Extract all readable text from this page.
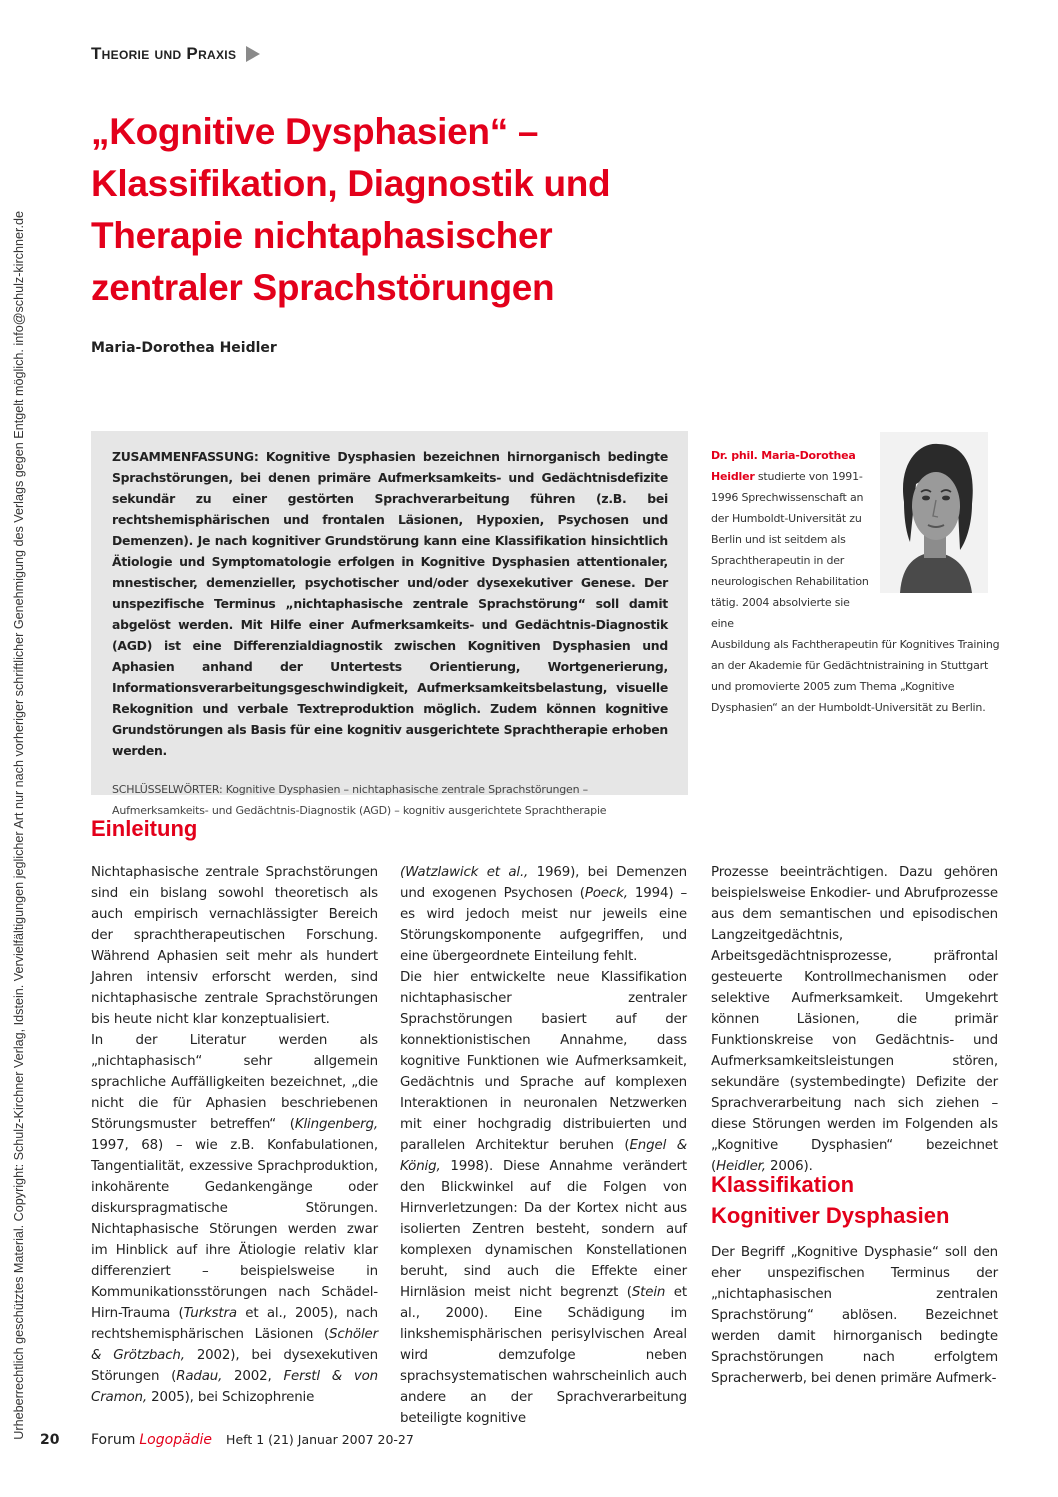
Urheberrechtlich geschütztes Material. Copyright: Schulz-Kirchner Verlag, Idstein. Vervielfältigungen jeglicher Art nur nach vorheriger schriftlicher Genehmigung des Verlags gegen Entgelt möglich. info@schulz-kirchner.de
Theorie und Praxis
„Kognitive Dysphasien“ – Klassifikation, Diagnostik und Therapie nichtaphasischer zentraler Sprachstörungen
Maria-Dorothea Heidler

ZUSAMMENFASSUNG: Kognitive Dysphasien bezeichnen hirnorganisch bedingte Sprachstörungen, bei denen primäre Aufmerksamkeits- und Gedächtnisdefizite sekundär zu einer gestörten Sprachverarbeitung führen (z.B. bei rechtshemisphärischen und frontalen Läsionen, Hypoxien, Psychosen und Demenzen). Je nach kognitiver Grundstörung kann eine Klassifikation hinsichtlich Ätiologie und Symptomatologie erfolgen in Kognitive Dysphasien attentionaler, mnestischer, demenzieller, psychotischer und/oder dysexekutiver Genese. Der unspezifische Terminus „nichtaphasische zentrale Sprachstörung“ soll damit abgelöst werden. Mit Hilfe einer Aufmerksamkeits- und Gedächtnis-Diagnostik (AGD) ist eine Differenzialdiagnostik zwischen Kognitiven Dysphasien und Aphasien anhand der Untertests Orientierung, Wortgenerierung, Informationsverarbeitungsgeschwindigkeit, Aufmerksamkeitsbelastung, visuelle Rekognition und verbale Textreproduktion möglich. Zudem können kognitive Grundstörungen als Basis für eine kognitiv ausgerichtete Sprachtherapie erhoben werden.

SCHLÜSSELWÖRTER: Kognitive Dysphasien – nichtaphasische zentrale Sprachstörungen – Aufmerksamkeits- und Gedächtnis-Diagnostik (AGD) – kognitiv ausgerichtete Sprachtherapie

Dr. phil. Maria-Dorothea Heidler studierte von 1991-1996 Sprechwissenschaft an der Humboldt-Universität zu Berlin und ist seitdem als Sprachtherapeutin in der neurologischen Rehabilitation tätig. 2004 absolvierte sie eine

Ausbildung als Fachtherapeutin für Kognitives Training an der Akademie für Gedächtnistraining in Stuttgart und promovierte 2005 zum Thema „Kognitive Dysphasien“ an der Humboldt-Universität zu Berlin.

Einleitung

Nichtaphasische zentrale Sprachstörungen sind ein bislang sowohl theoretisch als auch empirisch vernachlässigter Bereich der sprachtherapeutischen Forschung. Während Aphasien seit mehr als hundert Jahren intensiv erforscht werden, sind nichtaphasische zentrale Sprachstörungen bis heute nicht klar konzeptualisiert.

In der Literatur werden als „nichtaphasisch“ sehr allgemein sprachliche Auffälligkeiten bezeichnet, „die nicht die für Aphasien beschriebenen Störungsmuster betreffen“ (Klingenberg, 1997, 68) – wie z.B. Konfabulationen, Tangentialität, exzessive Sprachproduktion, inkohärente Gedankengänge oder diskurspragmatische Störungen. Nichtaphasische Störungen werden zwar im Hinblick auf ihre Ätiologie relativ klar differenziert – beispielsweise in Kommunikationsstörungen nach Schädel-Hirn-Trauma (Turkstra et al., 2005), nach rechtshemisphärischen Läsionen (Schöler & Grötzbach, 2002), bei dysexekutiven Störungen (Radau, 2002, Ferstl & von Cramon, 2005), bei Schizophrenie

(Watzlawick et al., 1969), bei Demenzen und exogenen Psychosen (Poeck, 1994) – es wird jedoch meist nur jeweils eine Störungskomponente aufgegriffen, und eine übergeordnete Einteilung fehlt.

Die hier entwickelte neue Klassifikation nichtaphasischer zentraler Sprachstörungen basiert auf der konnektionistischen Annahme, dass kognitive Funktionen wie Aufmerksamkeit, Gedächtnis und Sprache auf komplexen Interaktionen in neuronalen Netzwerken mit einer hochgradig distribuierten und parallelen Architektur beruhen (Engel & König, 1998). Diese Annahme verändert den Blickwinkel auf die Folgen von Hirnverletzungen: Da der Kortex nicht aus isolierten Zentren besteht, sondern auf komplexen dynamischen Konstellationen beruht, sind auch die Effekte einer Hirnläsion meist nicht begrenzt (Stein et al., 2000). Eine Schädigung im linkshemisphärischen perisylvischen Areal wird demzufolge neben sprachsystematischen wahrscheinlich auch andere an der Sprachverarbeitung beteiligte kognitive

Prozesse beeinträchtigen. Dazu gehören beispielsweise Enkodier- und Abrufprozesse aus dem semantischen und episodischen Langzeitgedächtnis, Arbeitsgedächtnisprozesse, präfrontal gesteuerte Kontrollmechanismen oder selektive Aufmerksamkeit. Umgekehrt können Läsionen, die primär Funktionskreise von Gedächtnis- und Aufmerksamkeitsleistungen stören, sekundäre (systembedingte) Defizite der Sprachverarbeitung nach sich ziehen – diese Störungen werden im Folgenden als „Kognitive Dysphasien“ bezeichnet (Heidler, 2006).

Klassifikation
Kognitiver Dysphasien

Der Begriff „Kognitive Dysphasie“ soll den eher unspezifischen Terminus der „nichtaphasischen zentralen Sprachstörung“ ablösen. Bezeichnet werden damit hirnorganisch bedingte Sprachstörungen nach erfolgtem Spracherwerb, bei denen primäre Aufmerk-

20 Forum Logopädie Heft 1 (21) Januar 2007 20-27
